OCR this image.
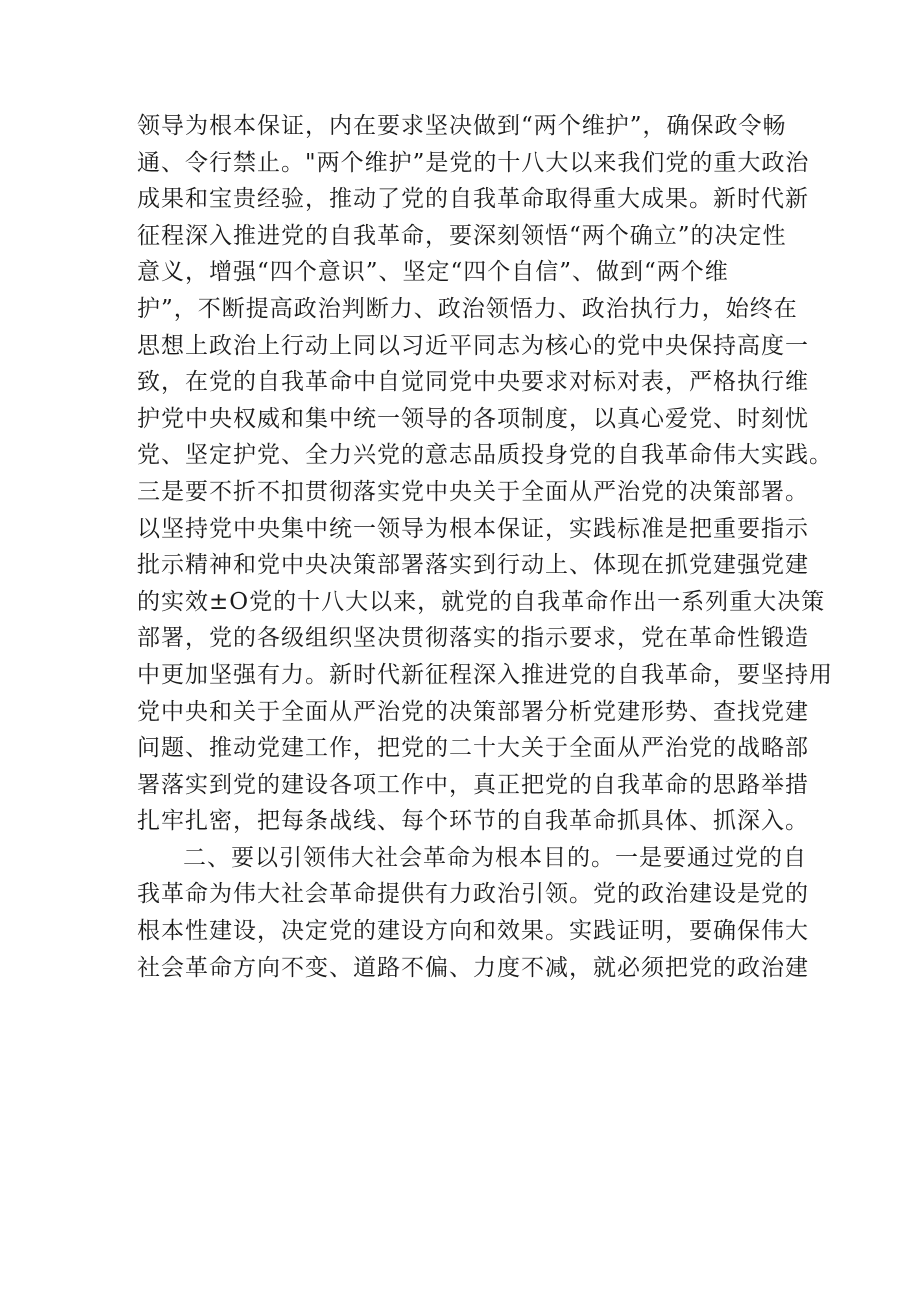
领导为根本保证，内在要求坚决做到“两个维护”，确保政令畅
通、令行禁止。"两个维护”是党的十八大以来我们党的重大政治
成果和宝贵经验，推动了党的自我革命取得重大成果。新时代新
征程深入推进党的自我革命，要深刻领悟“两个确立”的决定性
意义，增强“四个意识”、坚定“四个自信”、做到“两个维
护”，不断提高政治判断力、政治领悟力、政治执行力，始终在
思想上政治上行动上同以习近平同志为核心的党中央保持高度一
致，在党的自我革命中自觉同党中央要求对标对表，严格执行维
护党中央权威和集中统一领导的各项制度，以真心爱党、时刻忧
党、坚定护党、全力兴党的意志品质投身党的自我革命伟大实践。
三是要不折不扣贯彻落实党中央关于全面从严治党的决策部署。
以坚持党中央集中统一领导为根本保证，实践标准是把重要指示
批示精神和党中央决策部署落实到行动上、体现在抓党建强党建
的实效±O党的十八大以来，就党的自我革命作出一系列重大决策
部署，党的各级组织坚决贯彻落实的指示要求，党在革命性锻造
中更加坚强有力。新时代新征程深入推进党的自我革命，要坚持用
党中央和关于全面从严治党的决策部署分析党建形势、查找党建
问题、推动党建工作，把党的二十大关于全面从严治党的战略部
署落实到党的建设各项工作中，真正把党的自我革命的思路举措
扎牢扎密，把每条战线、每个环节的自我革命抓具体、抓深入。
二、要以引领伟大社会革命为根本目的。一是要通过党的自
我革命为伟大社会革命提供有力政治引领。党的政治建设是党的
根本性建设，决定党的建设方向和效果。实践证明，要确保伟大
社会革命方向不变、道路不偏、力度不减，就必须把党的政治建
